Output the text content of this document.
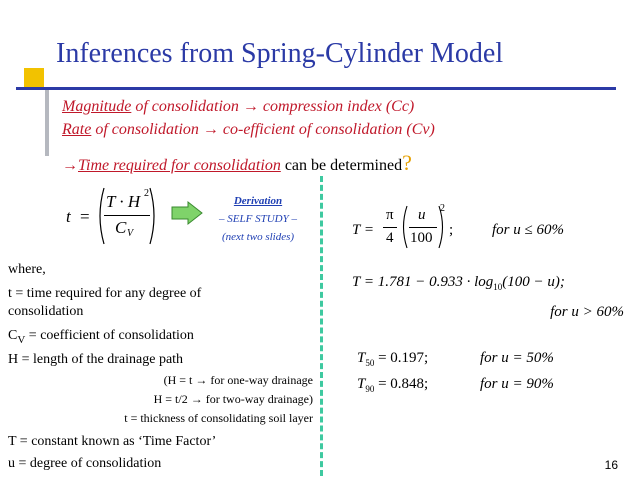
Inferences from Spring-Cylinder Model
Magnitude of consolidation → compression index (Cc)
Rate of consolidation → co-efficient of consolidation (Cv)
→Time required for consolidation can be determined?
t =
T · H 2
C V
Derivation
– SELF STUDY –
(next two slides)
where,
t = time required for any degree of
consolidation
$C_V$ = coefficient of consolidation
H = length of the drainage path
(H = t → for one-way drainage
H = t/2 → for two-way drainage)
t = thickness of consolidating soil layer
T = constant known as ‘Time Factor’
u = degree of consolidation
T =
π
4
u
100
2
;	for u ≤ 60%
$T = 1.781 - 0.933 \cdot \log_{10}(100 - u)$;
for u > 60%
$T_{50} = 0.197$;	for u = 50%
$T_{90} = 0.848$;	for u = 90%
16
